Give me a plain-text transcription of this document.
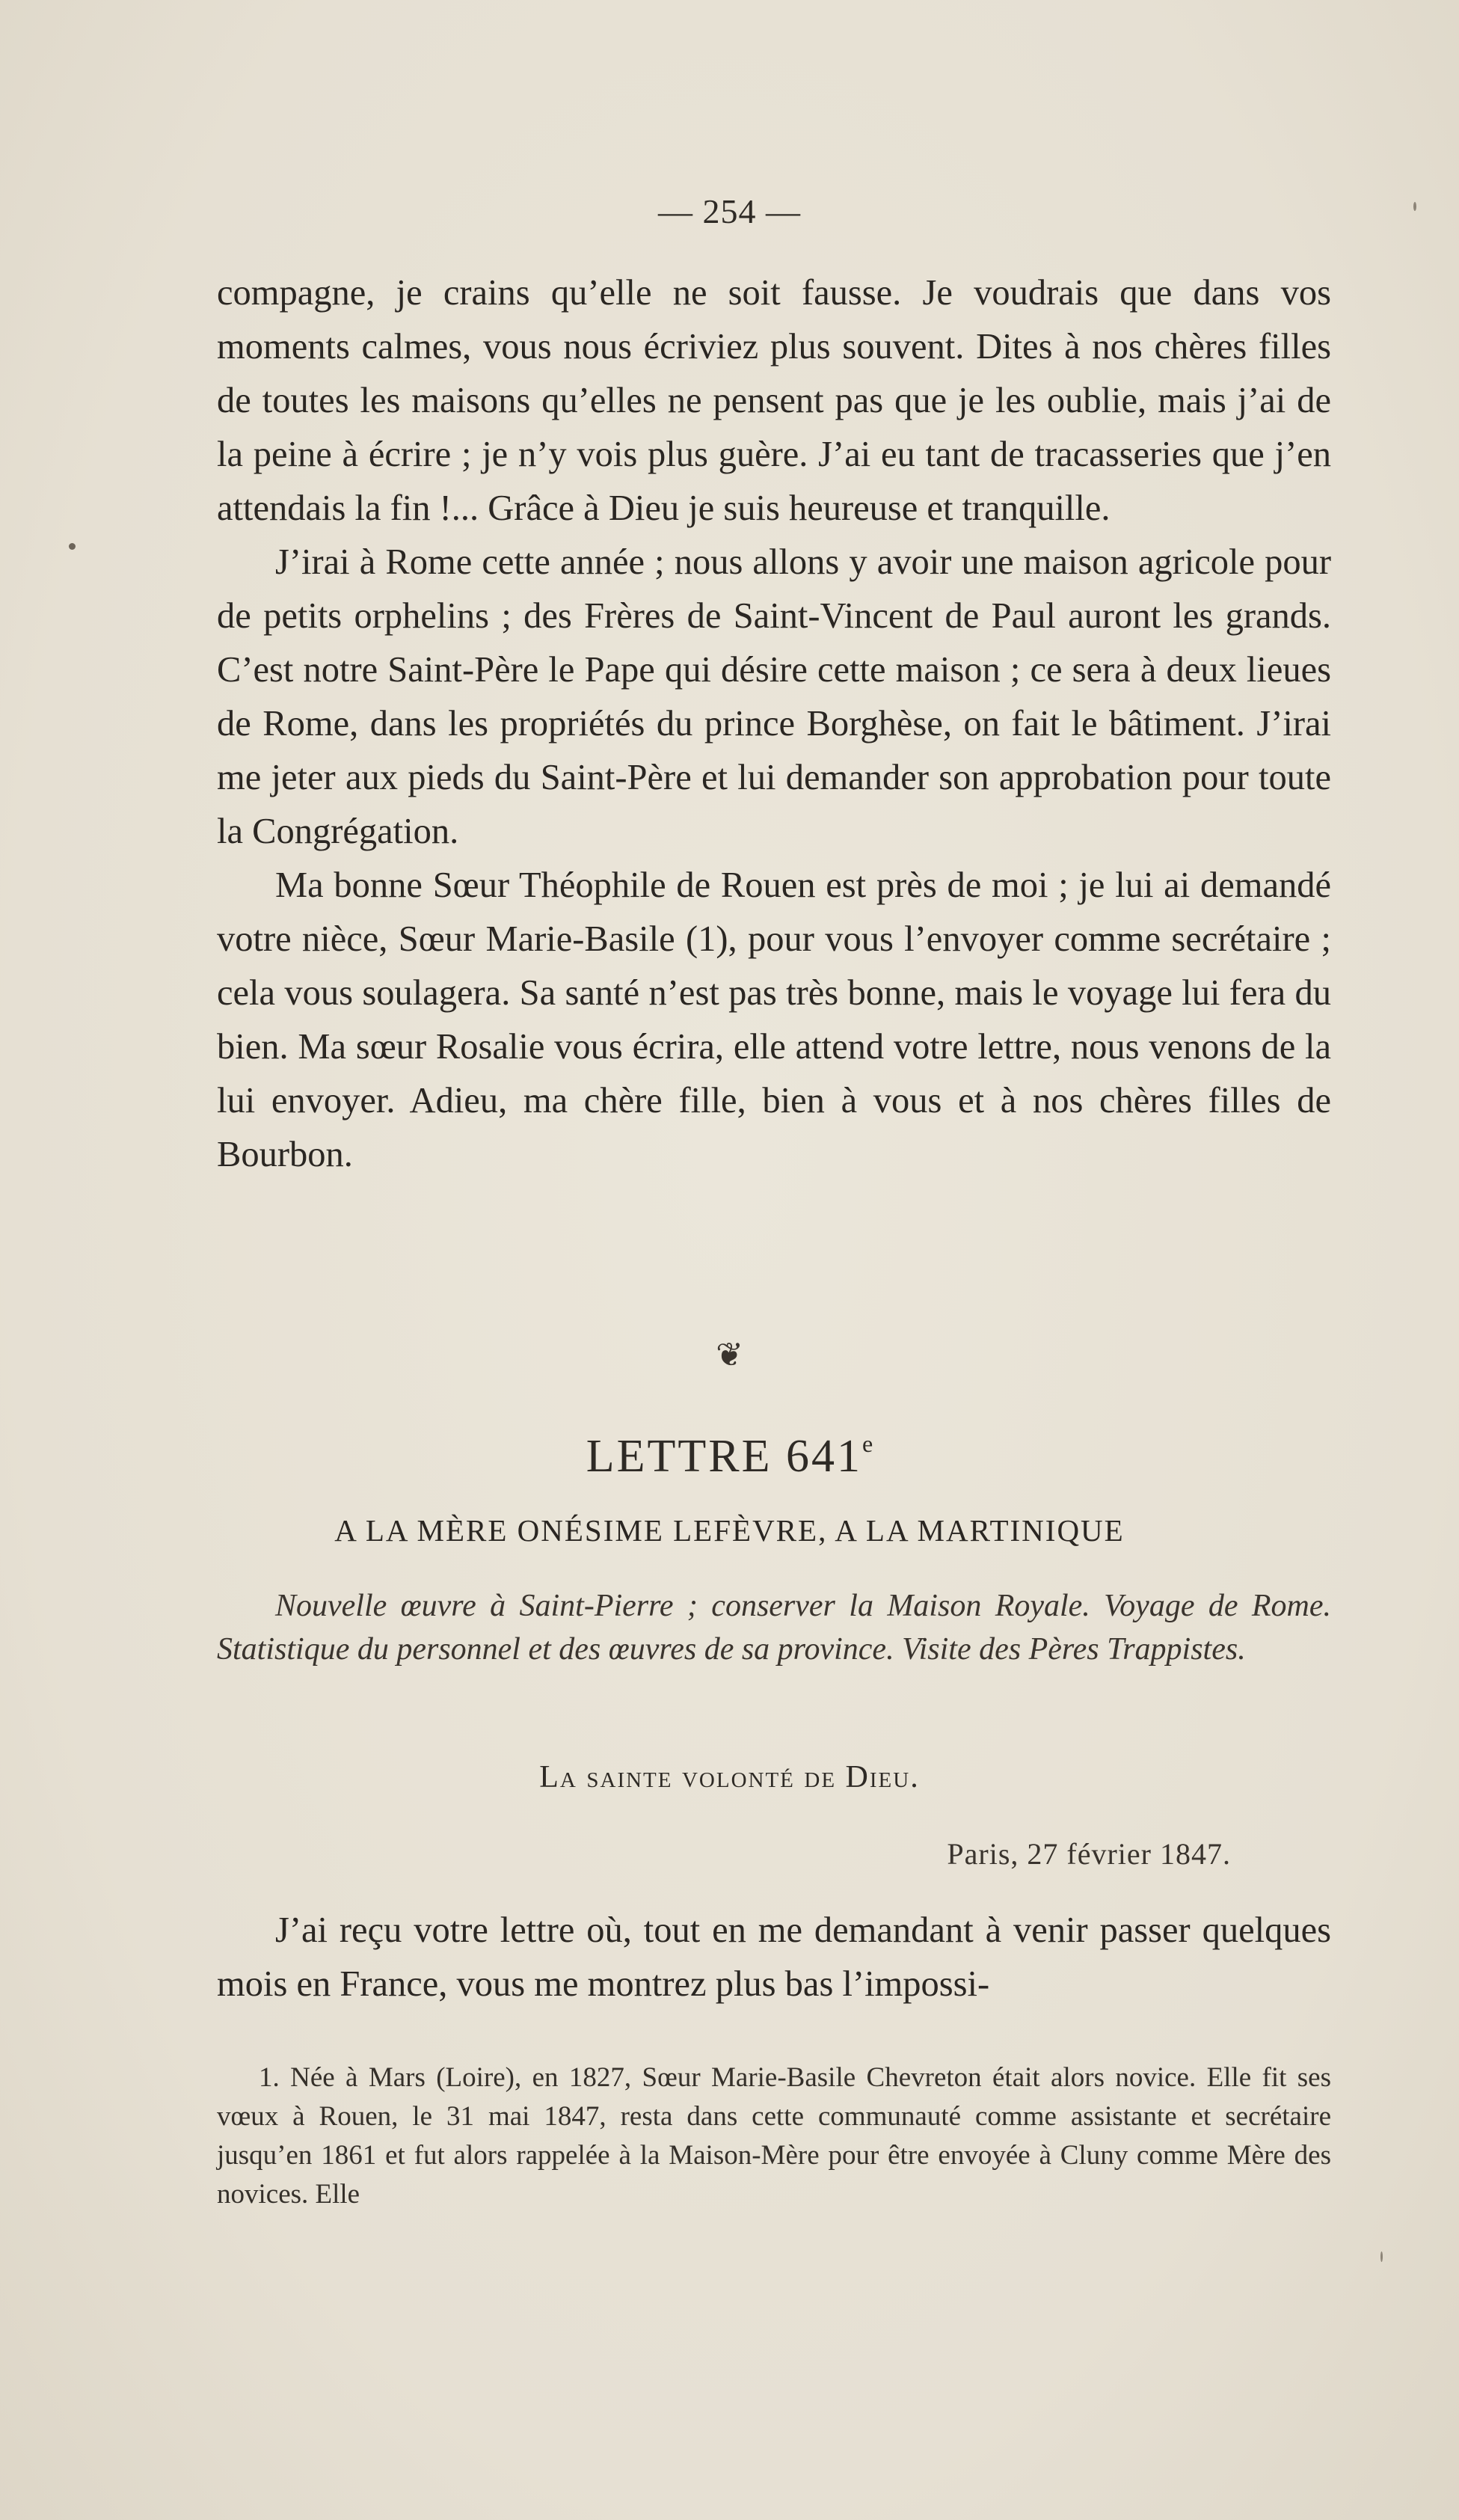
— 254 —

compagne, je crains qu’elle ne soit fausse. Je voudrais que dans vos moments calmes, vous nous écriviez plus souvent. Dites à nos chères filles de toutes les maisons qu’elles ne pensent pas que je les oublie, mais j’ai de la peine à écrire ; je n’y vois plus guère. J’ai eu tant de tracasseries que j’en attendais la fin !... Grâce à Dieu je suis heureuse et tranquille.

J’irai à Rome cette année ; nous allons y avoir une maison agricole pour de petits orphelins ; des Frères de Saint-Vincent de Paul auront les grands. C’est notre Saint-Père le Pape qui désire cette maison ; ce sera à deux lieues de Rome, dans les propriétés du prince Borghèse, on fait le bâtiment. J’irai me jeter aux pieds du Saint-Père et lui demander son approbation pour toute la Congrégation.

Ma bonne Sœur Théophile de Rouen est près de moi ; je lui ai demandé votre nièce, Sœur Marie-Basile (1), pour vous l’envoyer comme secrétaire ; cela vous soulagera. Sa santé n’est pas très bonne, mais le voyage lui fera du bien. Ma sœur Rosalie vous écrira, elle attend votre lettre, nous venons de la lui envoyer. Adieu, ma chère fille, bien à vous et à nos chères filles de Bourbon.

❦
LETTRE 641e
A LA MÈRE ONÉSIME LEFÈVRE, A LA MARTINIQUE

Nouvelle œuvre à Saint-Pierre ; conserver la Maison Royale. Voyage de Rome. Statistique du personnel et des œuvres de sa province. Visite des Pères Trappistes.

La sainte volonté de Dieu.
Paris, 27 février 1847.

J’ai reçu votre lettre où, tout en me demandant à venir passer quelques mois en France, vous me montrez plus bas l’impossi-

1. Née à Mars (Loire), en 1827, Sœur Marie-Basile Chevreton était alors novice. Elle fit ses vœux à Rouen, le 31 mai 1847, resta dans cette communauté comme assistante et secrétaire jusqu’en 1861 et fut alors rappelée à la Maison-Mère pour être envoyée à Cluny comme Mère des novices. Elle
